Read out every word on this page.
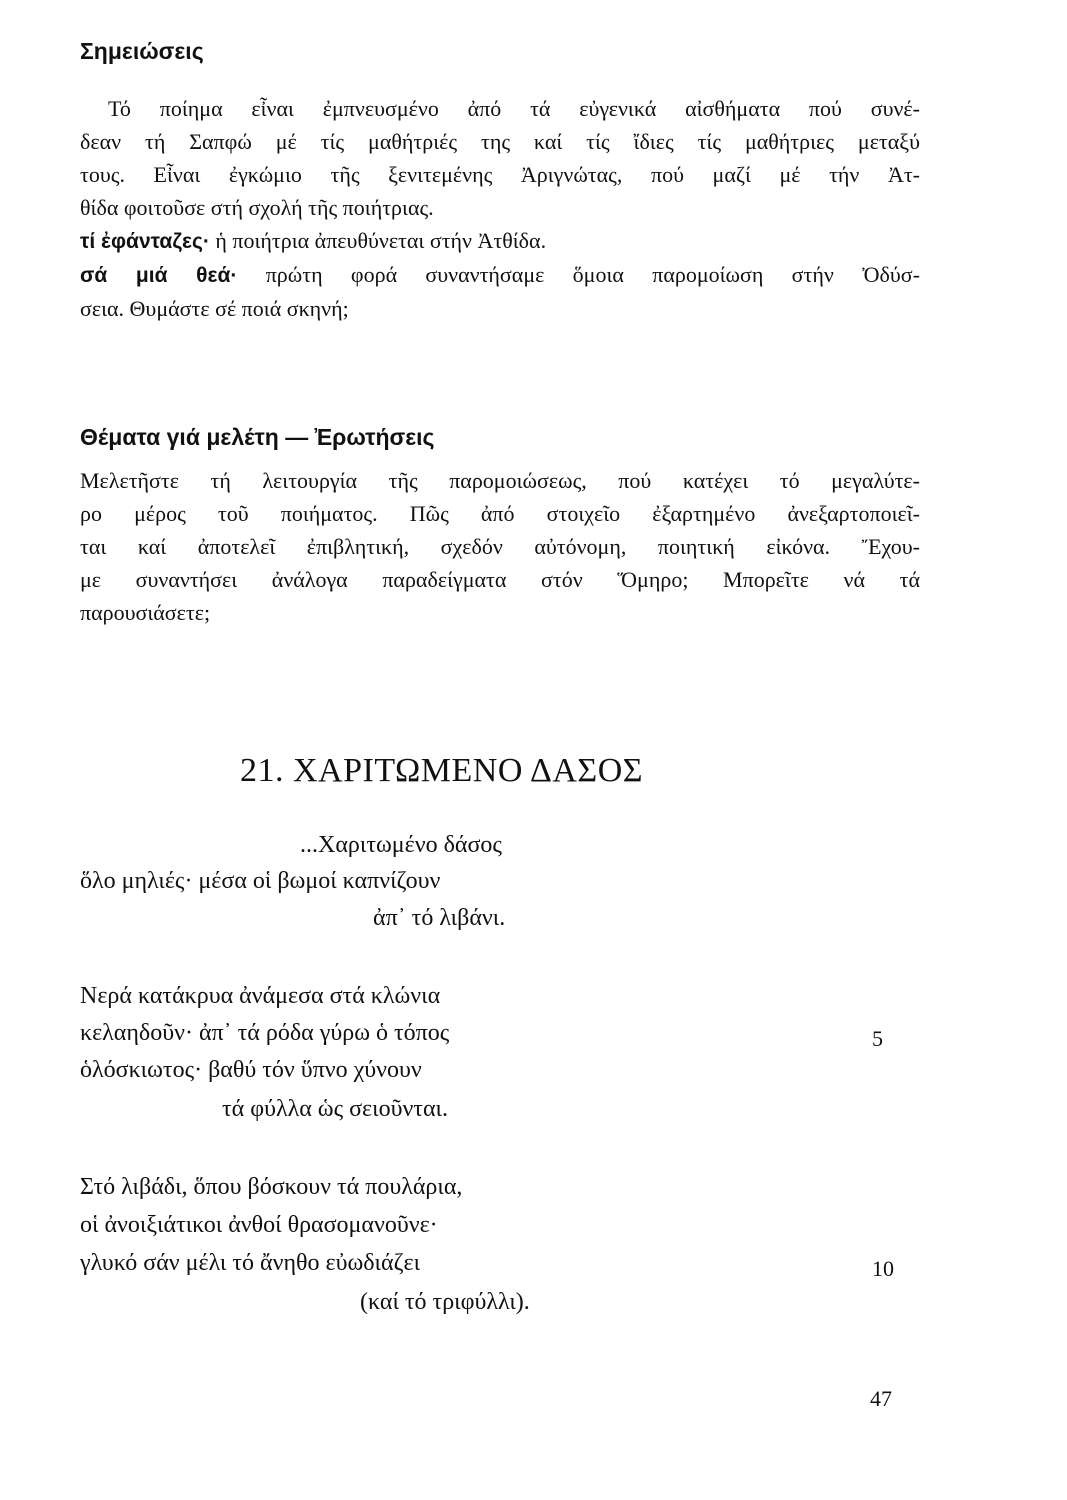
Σημειώσεις
Τό ποίημα εἶναι ἐμπνευσμένο ἀπό τά εὐγενικά αἰσθήματα πού συνέ-
δεαν τή Σαπφώ μέ τίς μαθήτριές της καί τίς ἴδιες τίς μαθήτριες μεταξύ
τους. Εἶναι ἐγκώμιο τῆς ξενιτεμένης Ἀριγνώτας, πού μαζί μέ τήν Ἀτ-
θίδα φοιτοῦσε στή σχολή τῆς ποιήτριας.
τί ἐφάνταζες· ἡ ποιήτρια ἀπευθύνεται στήν Ἀτθίδα.
σά μιά θεά· πρώτη φορά συναντήσαμε ὅμοια παρομοίωση στήν Ὀδύσ-
σεια. Θυμάστε σέ ποιά σκηνή;
Θέματα γιά μελέτη — Ἐρωτήσεις
Μελετῆστε τή λειτουργία τῆς παρομοιώσεως, πού κατέχει τό μεγαλύτε-
ρο μέρος τοῦ ποιήματος. Πῶς ἀπό στοιχεῖο ἐξαρτημένο ἀνεξαρτοποιεῖ-
ται καί ἀποτελεῖ ἐπιβλητική, σχεδόν αὐτόνομη, ποιητική εἰκόνα. Ἔχου-
με συναντήσει ἀνάλογα παραδείγματα στόν Ὅμηρο; Μπορεῖτε νά τά
παρουσιάσετε;
21. ΧΑΡΙΤΩΜΕΝΟ ΔΑΣΟΣ
...Χαριτωμένο δάσος
ὅλο μηλιές· μέσα οἱ βωμοί καπνίζουν
ἀπ᾽ τό λιβάνι.
Νερά κατάκρυα ἀνάμεσα στά κλώνια
κελαηδοῦν· ἀπ᾽ τά ρόδα γύρω ὁ τόπος
ὁλόσκιωτος· βαθύ τόν ὕπνο χύνουν
τά φύλλα ὡς σειοῦνται.
Στό λιβάδι, ὅπου βόσκουν τά πουλάρια,
οἱ ἀνοιξιάτικοι ἀνθοί θρασομανοῦνε·
γλυκό σάν μέλι τό ἄνηθο εὐωδιάζει
(καί τό τριφύλλι).
5
10
47
